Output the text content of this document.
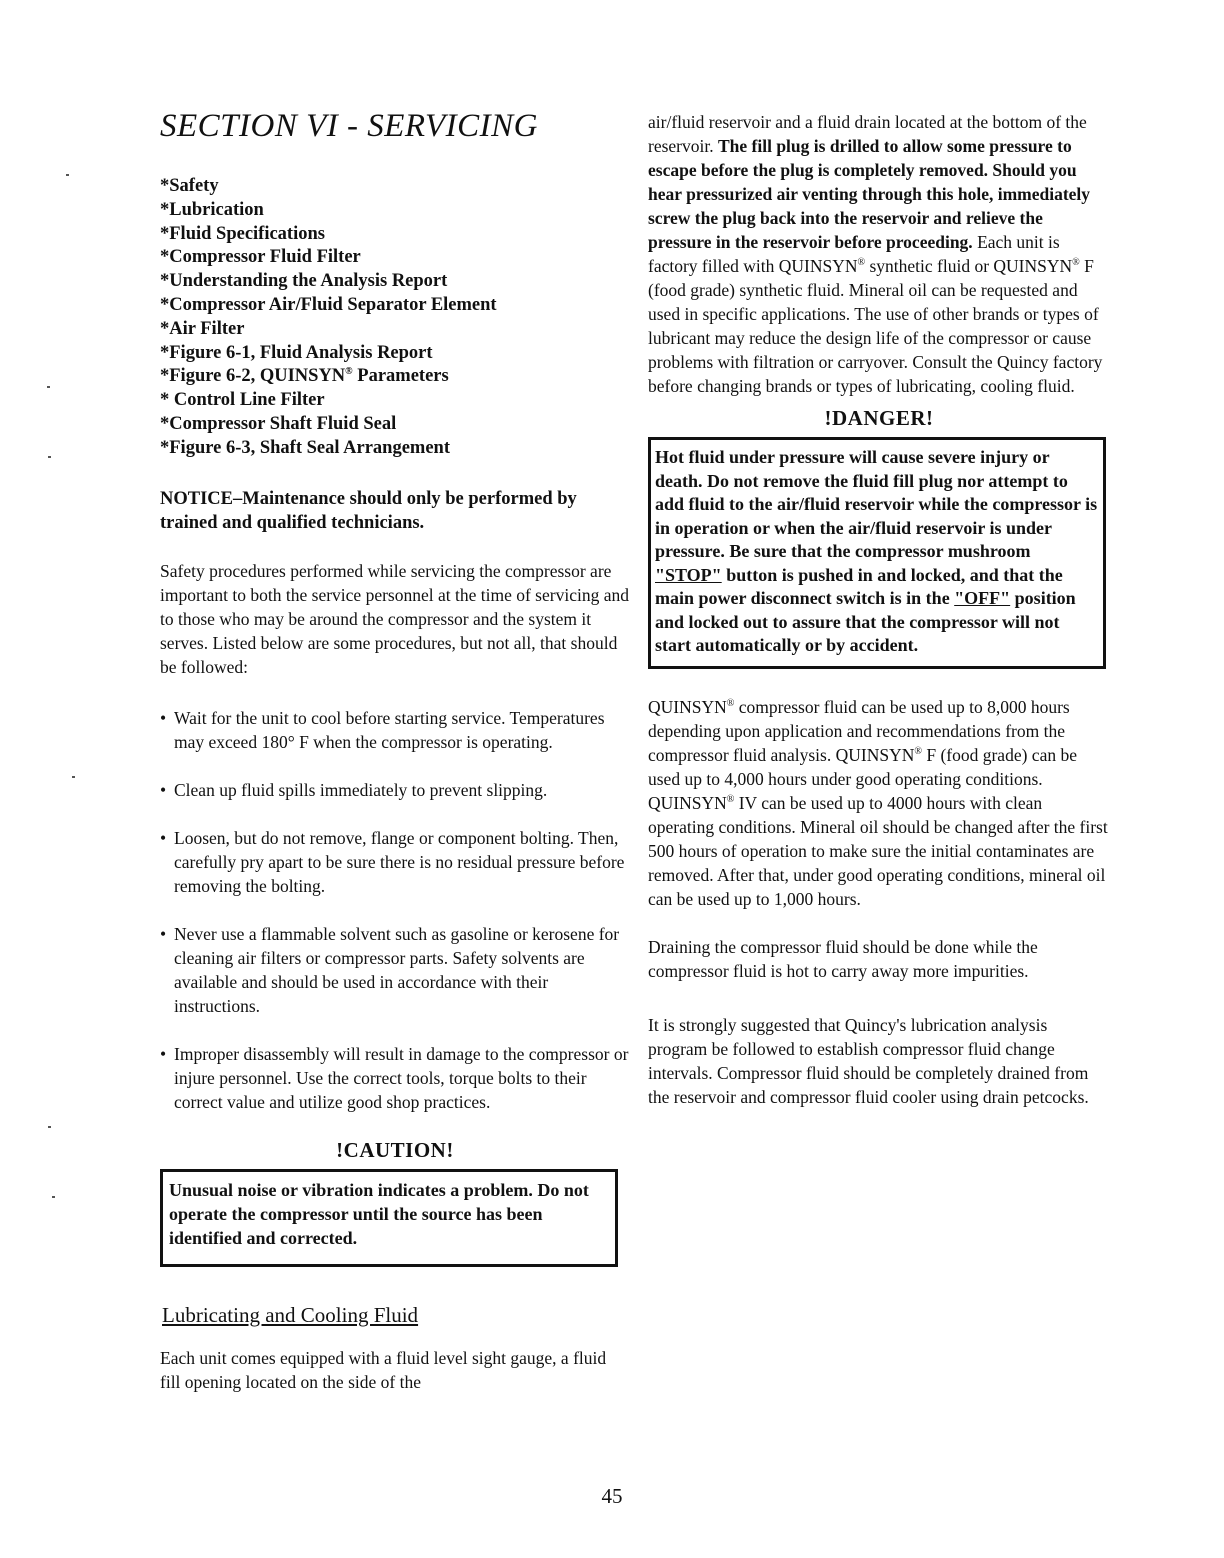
SECTION VI - SERVICING
*Safety
*Lubrication
*Fluid Specifications
*Compressor Fluid Filter
*Understanding the Analysis Report
*Compressor Air/Fluid Separator Element
*Air Filter
*Figure 6-1, Fluid Analysis Report
*Figure 6-2, QUINSYN® Parameters
* Control Line Filter
*Compressor Shaft Fluid Seal
*Figure 6-3, Shaft Seal Arrangement

NOTICE–Maintenance should only be performed by trained and qualified technicians.

Safety procedures performed while servicing the compressor are important to both the service personnel at the time of servicing and to those who may be around the compressor and the system it serves. Listed below are some procedures, but not all, that should be followed:

• Wait for the unit to cool before starting service. Temperatures may exceed 180° F when the compressor is operating.
• Clean up fluid spills immediately to prevent slipping.
• Loosen, but do not remove, flange or component bolting. Then, carefully pry apart to be sure there is no residual pressure before removing the bolting.
• Never use a flammable solvent such as gasoline or kerosene for cleaning air filters or compressor parts. Safety solvents are available and should be used in accordance with their instructions.
• Improper disassembly will result in damage to the compressor or injure personnel. Use the correct tools, torque bolts to their correct value and utilize good shop practices.
!CAUTION!
Unusual noise or vibration indicates a problem. Do not operate the compressor until the source has been identified and corrected.
Lubricating and Cooling Fluid

Each unit comes equipped with a fluid level sight gauge, a fluid fill opening located on the side of the

air/fluid reservoir and a fluid drain located at the bottom of the reservoir. The fill plug is drilled to allow some pressure to escape before the plug is completely removed. Should you hear pressurized air venting through this hole, immediately screw the plug back into the reservoir and relieve the pressure in the reservoir before proceeding. Each unit is factory filled with QUINSYN® synthetic fluid or QUINSYN® F (food grade) synthetic fluid. Mineral oil can be requested and used in specific applications. The use of other brands or types of lubricant may reduce the design life of the compressor or cause problems with filtration or carryover. Consult the Quincy factory before changing brands or types of lubricating, cooling fluid.

!DANGER!
Hot fluid under pressure will cause severe injury or death. Do not remove the fluid fill plug nor attempt to add fluid to the air/fluid reservoir while the compressor is in operation or when the air/fluid reservoir is under pressure. Be sure that the compressor mushroom "STOP" button is pushed in and locked, and that the main power disconnect switch is in the "OFF" position and locked out to assure that the compressor will not start automatically or by accident.

QUINSYN® compressor fluid can be used up to 8,000 hours depending upon application and recommendations from the compressor fluid analysis. QUINSYN® F (food grade) can be used up to 4,000 hours under good operating conditions. QUINSYN® IV can be used up to 4000 hours with clean operating conditions. Mineral oil should be changed after the first 500 hours of operation to make sure the initial contaminates are removed. After that, under good operating conditions, mineral oil can be used up to 1,000 hours.

Draining the compressor fluid should be done while the compressor fluid is hot to carry away more impurities.

It is strongly suggested that Quincy's lubrication analysis program be followed to establish compressor fluid change intervals. Compressor fluid should be completely drained from the reservoir and compressor fluid cooler using drain petcocks.

45
